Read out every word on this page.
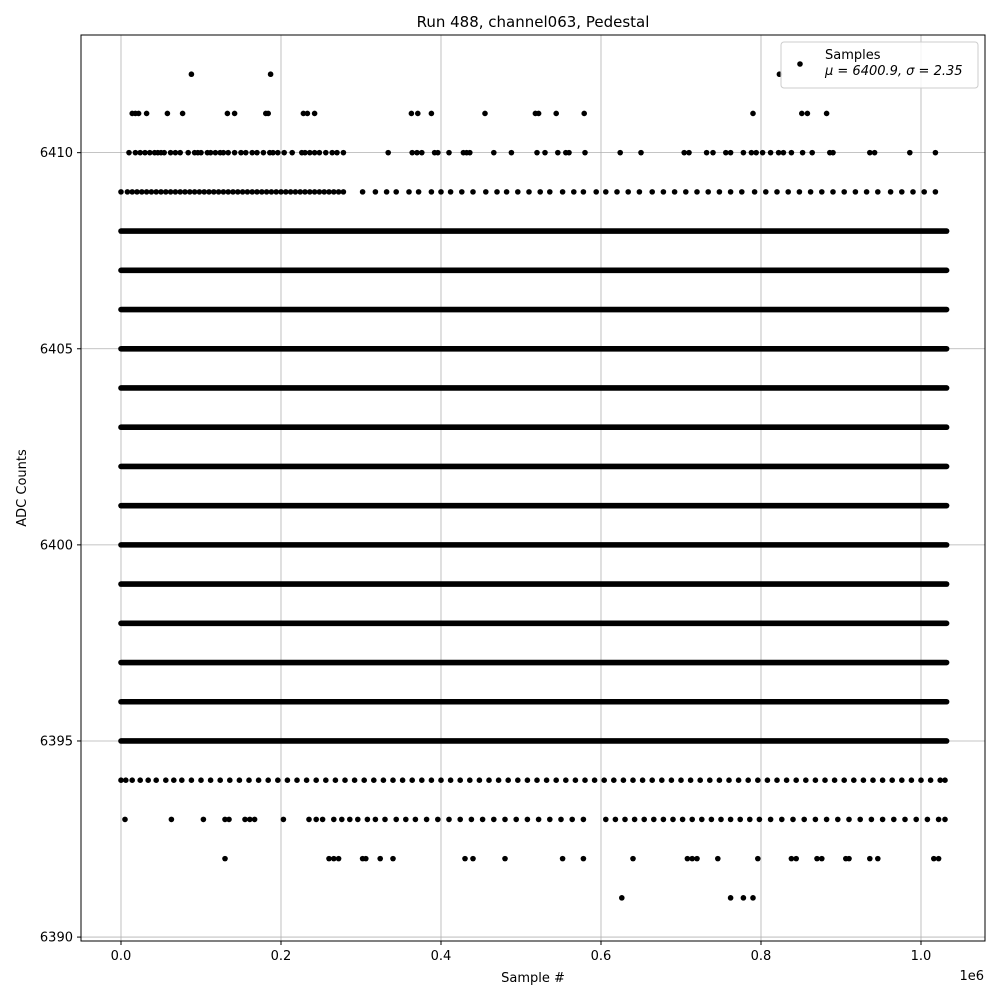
0.0	0.2	0.4	0.6	0.8	1.0
6390
6395
6400
6405
6410
Run 488, channel063, Pedestal
Sample #
ADC Counts
1e6
Samples
μ = 6400.9, σ = 2.35
